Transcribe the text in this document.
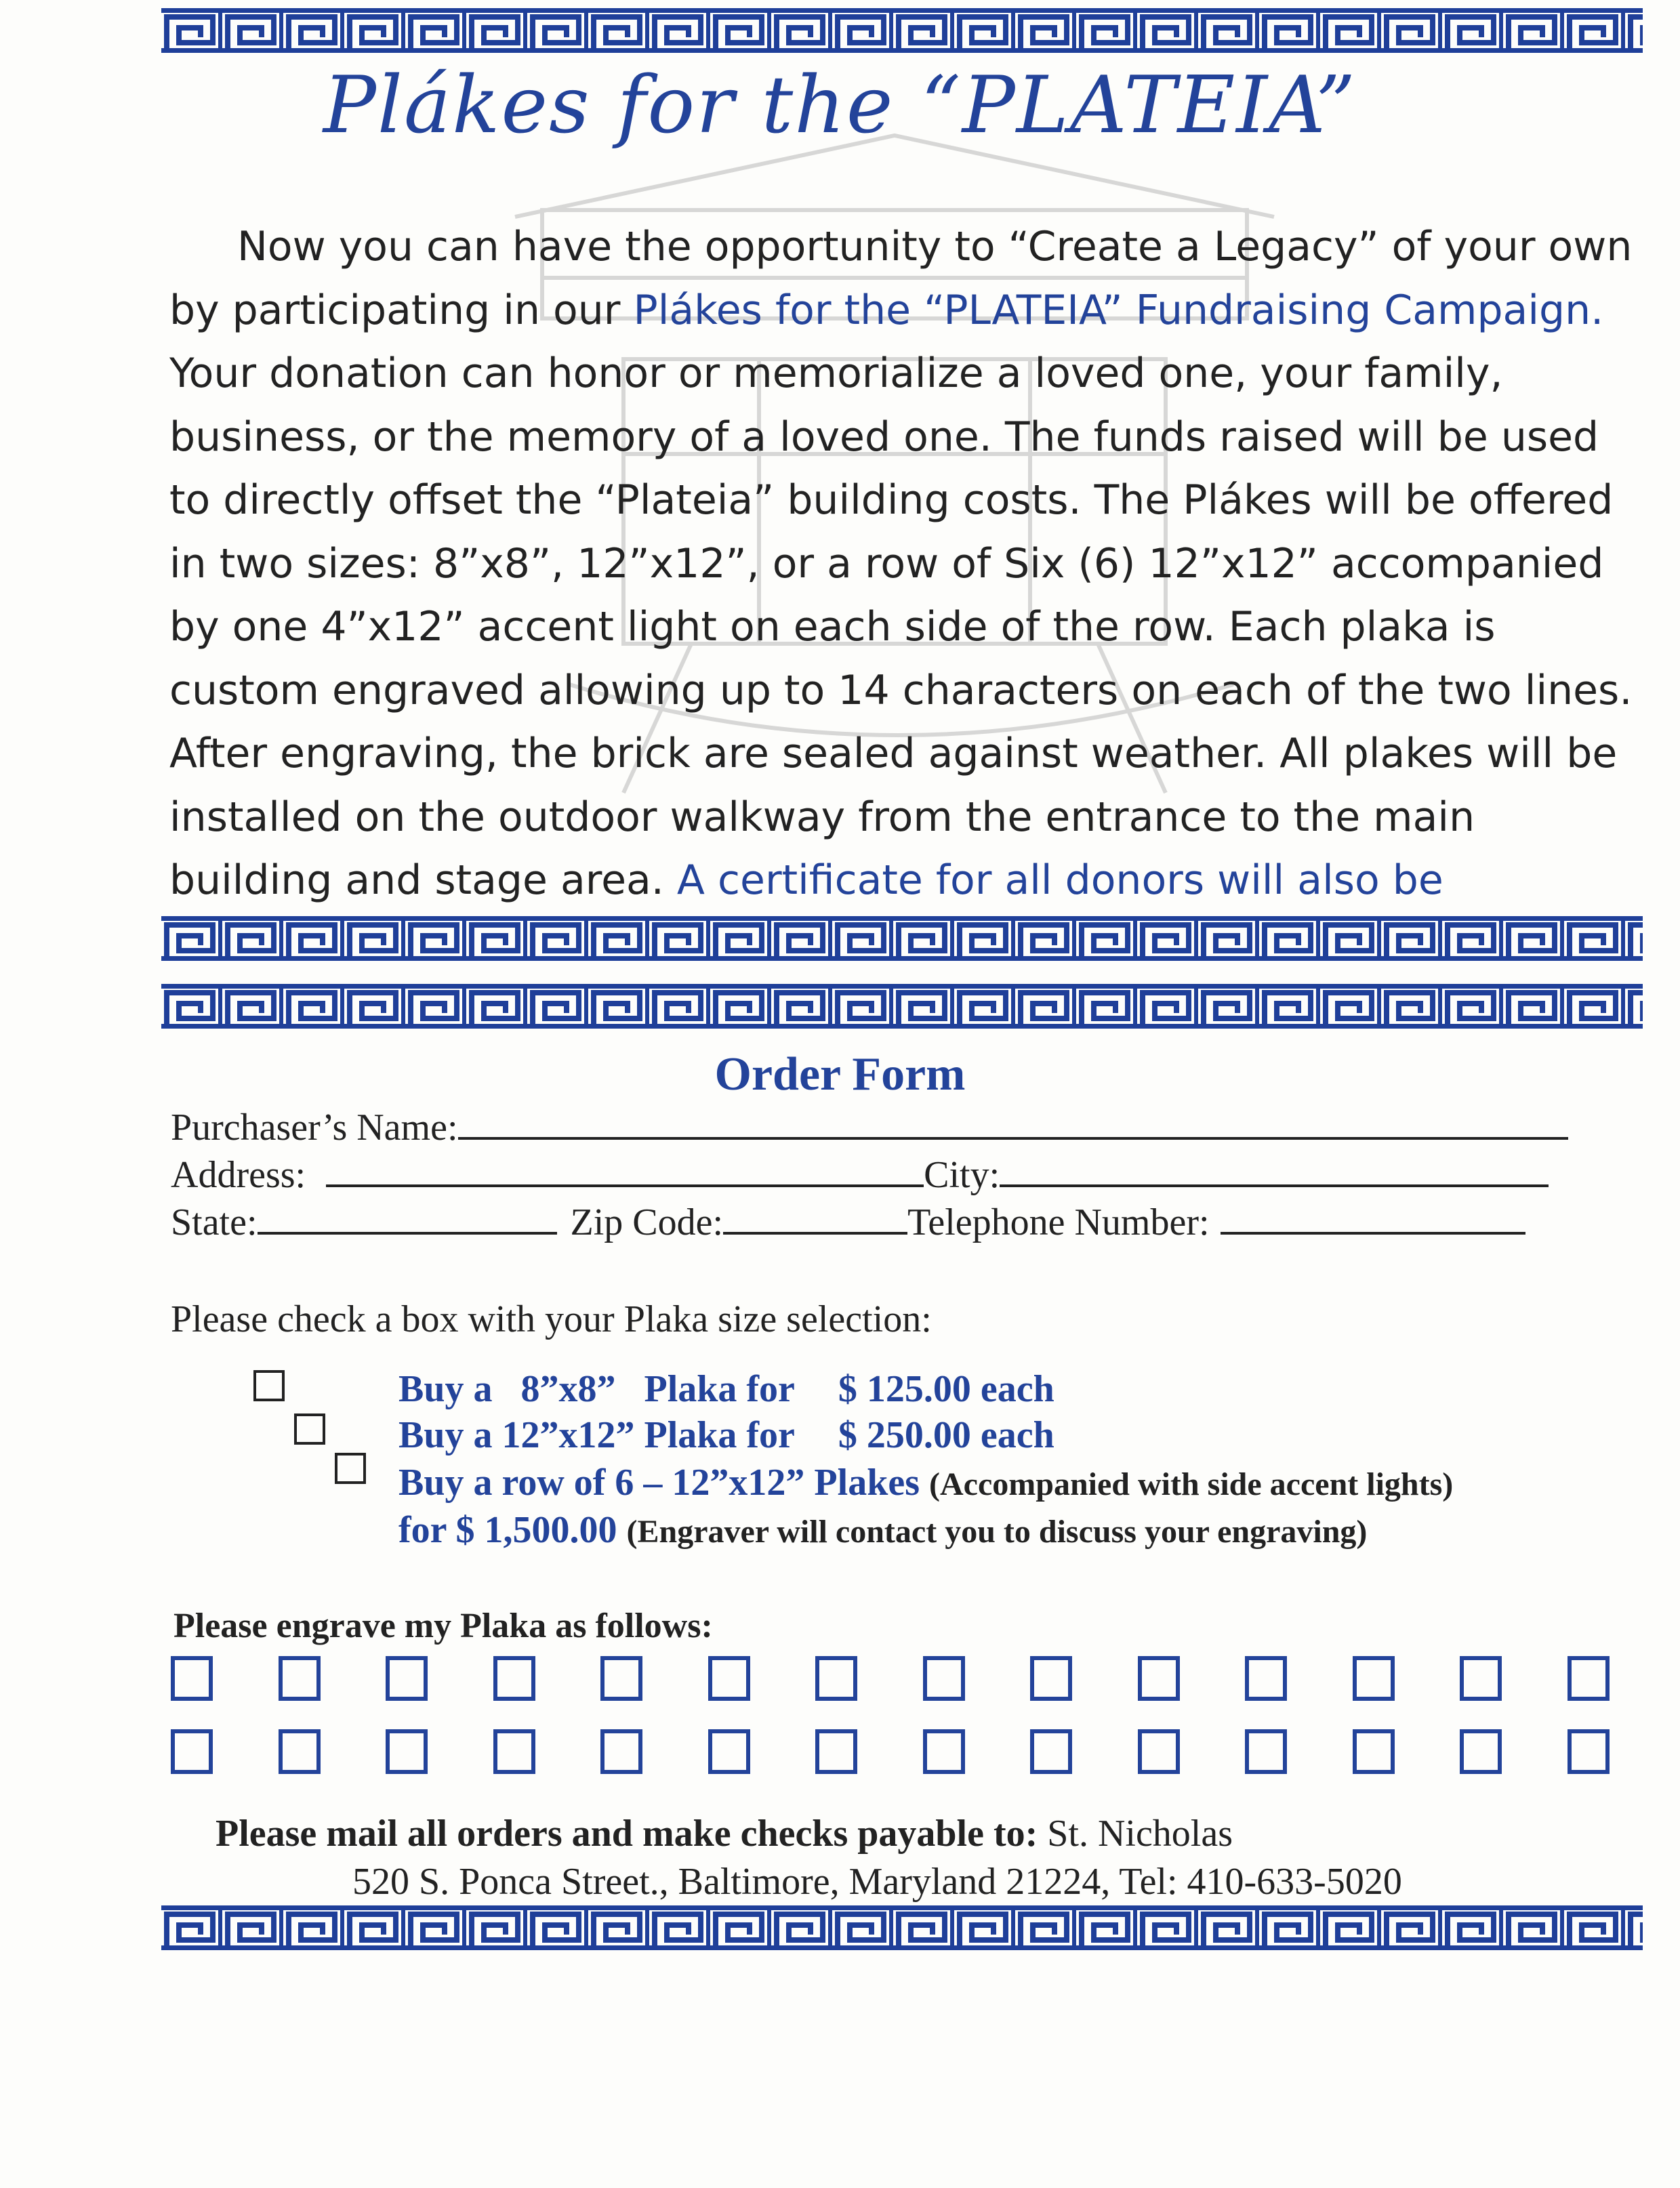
Plákes for the “PLATEIA”
Now you can have the opportunity to “Create a Legacy” of your own by participating in our Plákes for the “PLATEIA” Fundraising Campaign. Your donation can honor or memorialize a loved one, your family, business, or the memory of a loved one. The funds raised will be used to directly offset the “Plateia” building costs. The Plákes will be offered in two sizes: 8”x8”, 12”x12”, or a row of Six (6) 12”x12” accompanied by one 4”x12” accent light on each side of the row. Each plaka is custom engraved allowing up to 14 characters on each of the two lines. After engraving, the brick are sealed against weather. All plakes will be installed on the outdoor walkway from the entrance to the main building and stage area. A certificate for all donors will also be
Order Form
Purchaser’s Name:
Address:	City:
State:	Zip Code:	Telephone Number:
Please check a box with your Plaka size selection:
Buy a   8”x8”   Plaka for $ 125.00 each
Buy a 12”x12” Plaka for $ 250.00 each
Buy a row of 6 – 12”x12” Plakes (Accompanied with side accent lights)
for $ 1,500.00 (Engraver will contact you to discuss your engraving)
Please engrave my Plaka as follows:
Please mail all orders and make checks payable to: St. Nicholas
520 S. Ponca Street., Baltimore, Maryland 21224, Tel: 410-633-5020
